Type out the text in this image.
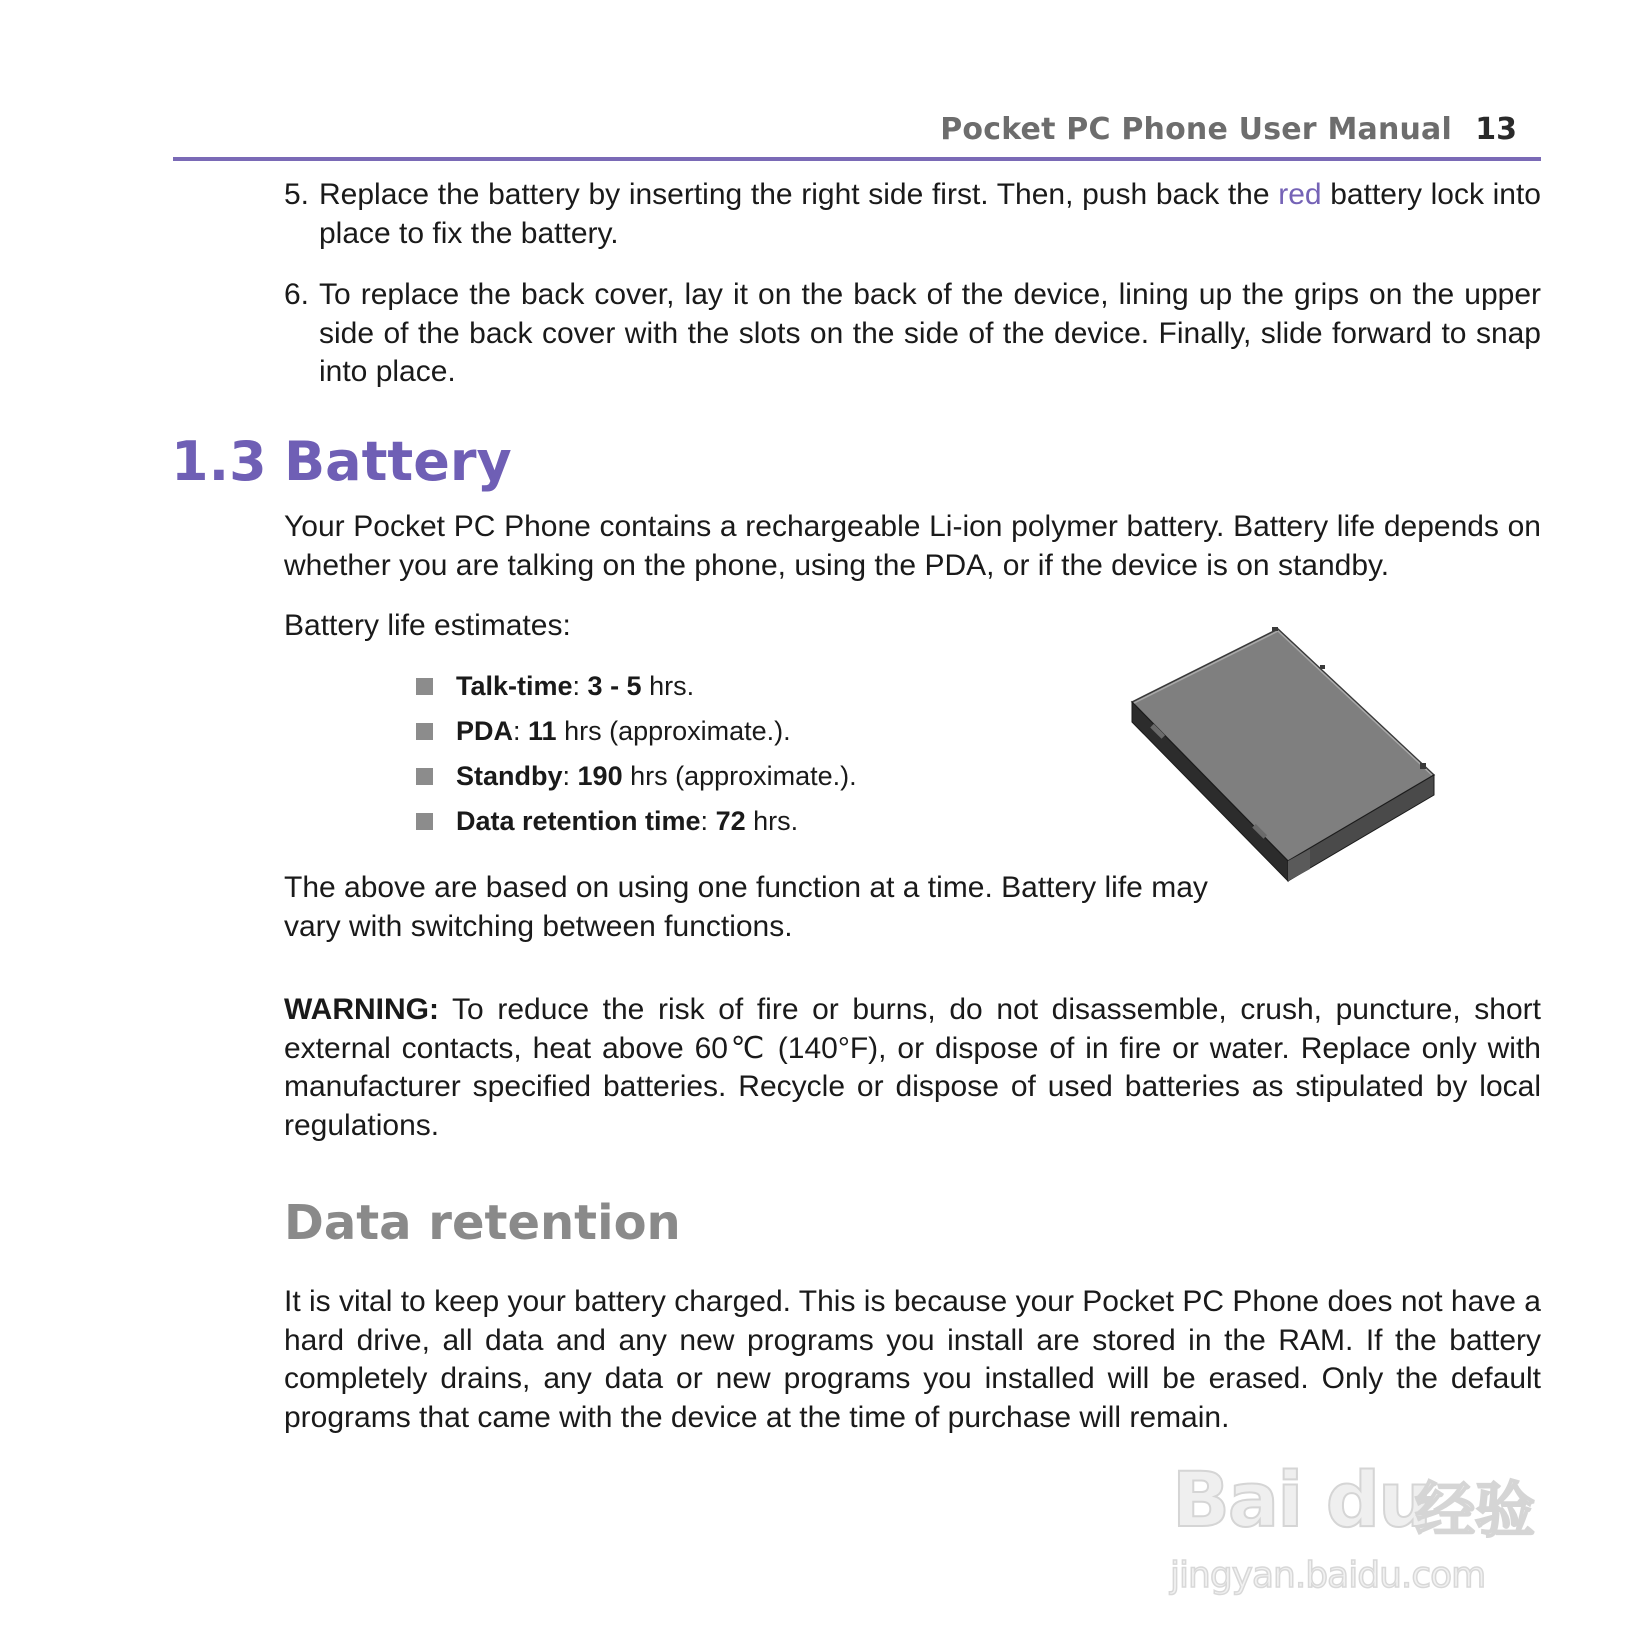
Pocket PC Phone User Manual 13
5. Replace the battery by inserting the right side first. Then, push back the red battery lock into place to fix the battery.
6. To replace the back cover, lay it on the back of the device, lining up the grips on the upper side of the back cover with the slots on the side of the device. Finally, slide forward to snap into place.
1.3 Battery
Your Pocket PC Phone contains a rechargeable Li-ion polymer battery. Battery life depends on whether you are talking on the phone, using the PDA, or if the device is on standby.
Battery life estimates:
Talk-time: 3 - 5 hrs.
PDA: 11 hrs (approximate.).
Standby: 190 hrs (approximate.).
Data retention time: 72 hrs.
The above are based on using one function at a time. Battery life may vary with switching between functions.
WARNING: To reduce the risk of fire or burns, do not disassemble, crush, puncture, short external contacts, heat above 60℃ (140°F), or dispose of in fire or water. Replace only with manufacturer specified batteries. Recycle or dispose of used batteries as stipulated by local regulations.
Data retention
It is vital to keep your battery charged. This is because your Pocket PC Phone does not have a hard drive, all data and any new programs you install are stored in the RAM. If the battery completely drains, any data or new programs you installed will be erased. Only the default programs that came with the device at the time of purchase will remain.
Bai du
经验
jingyan.baidu.com
